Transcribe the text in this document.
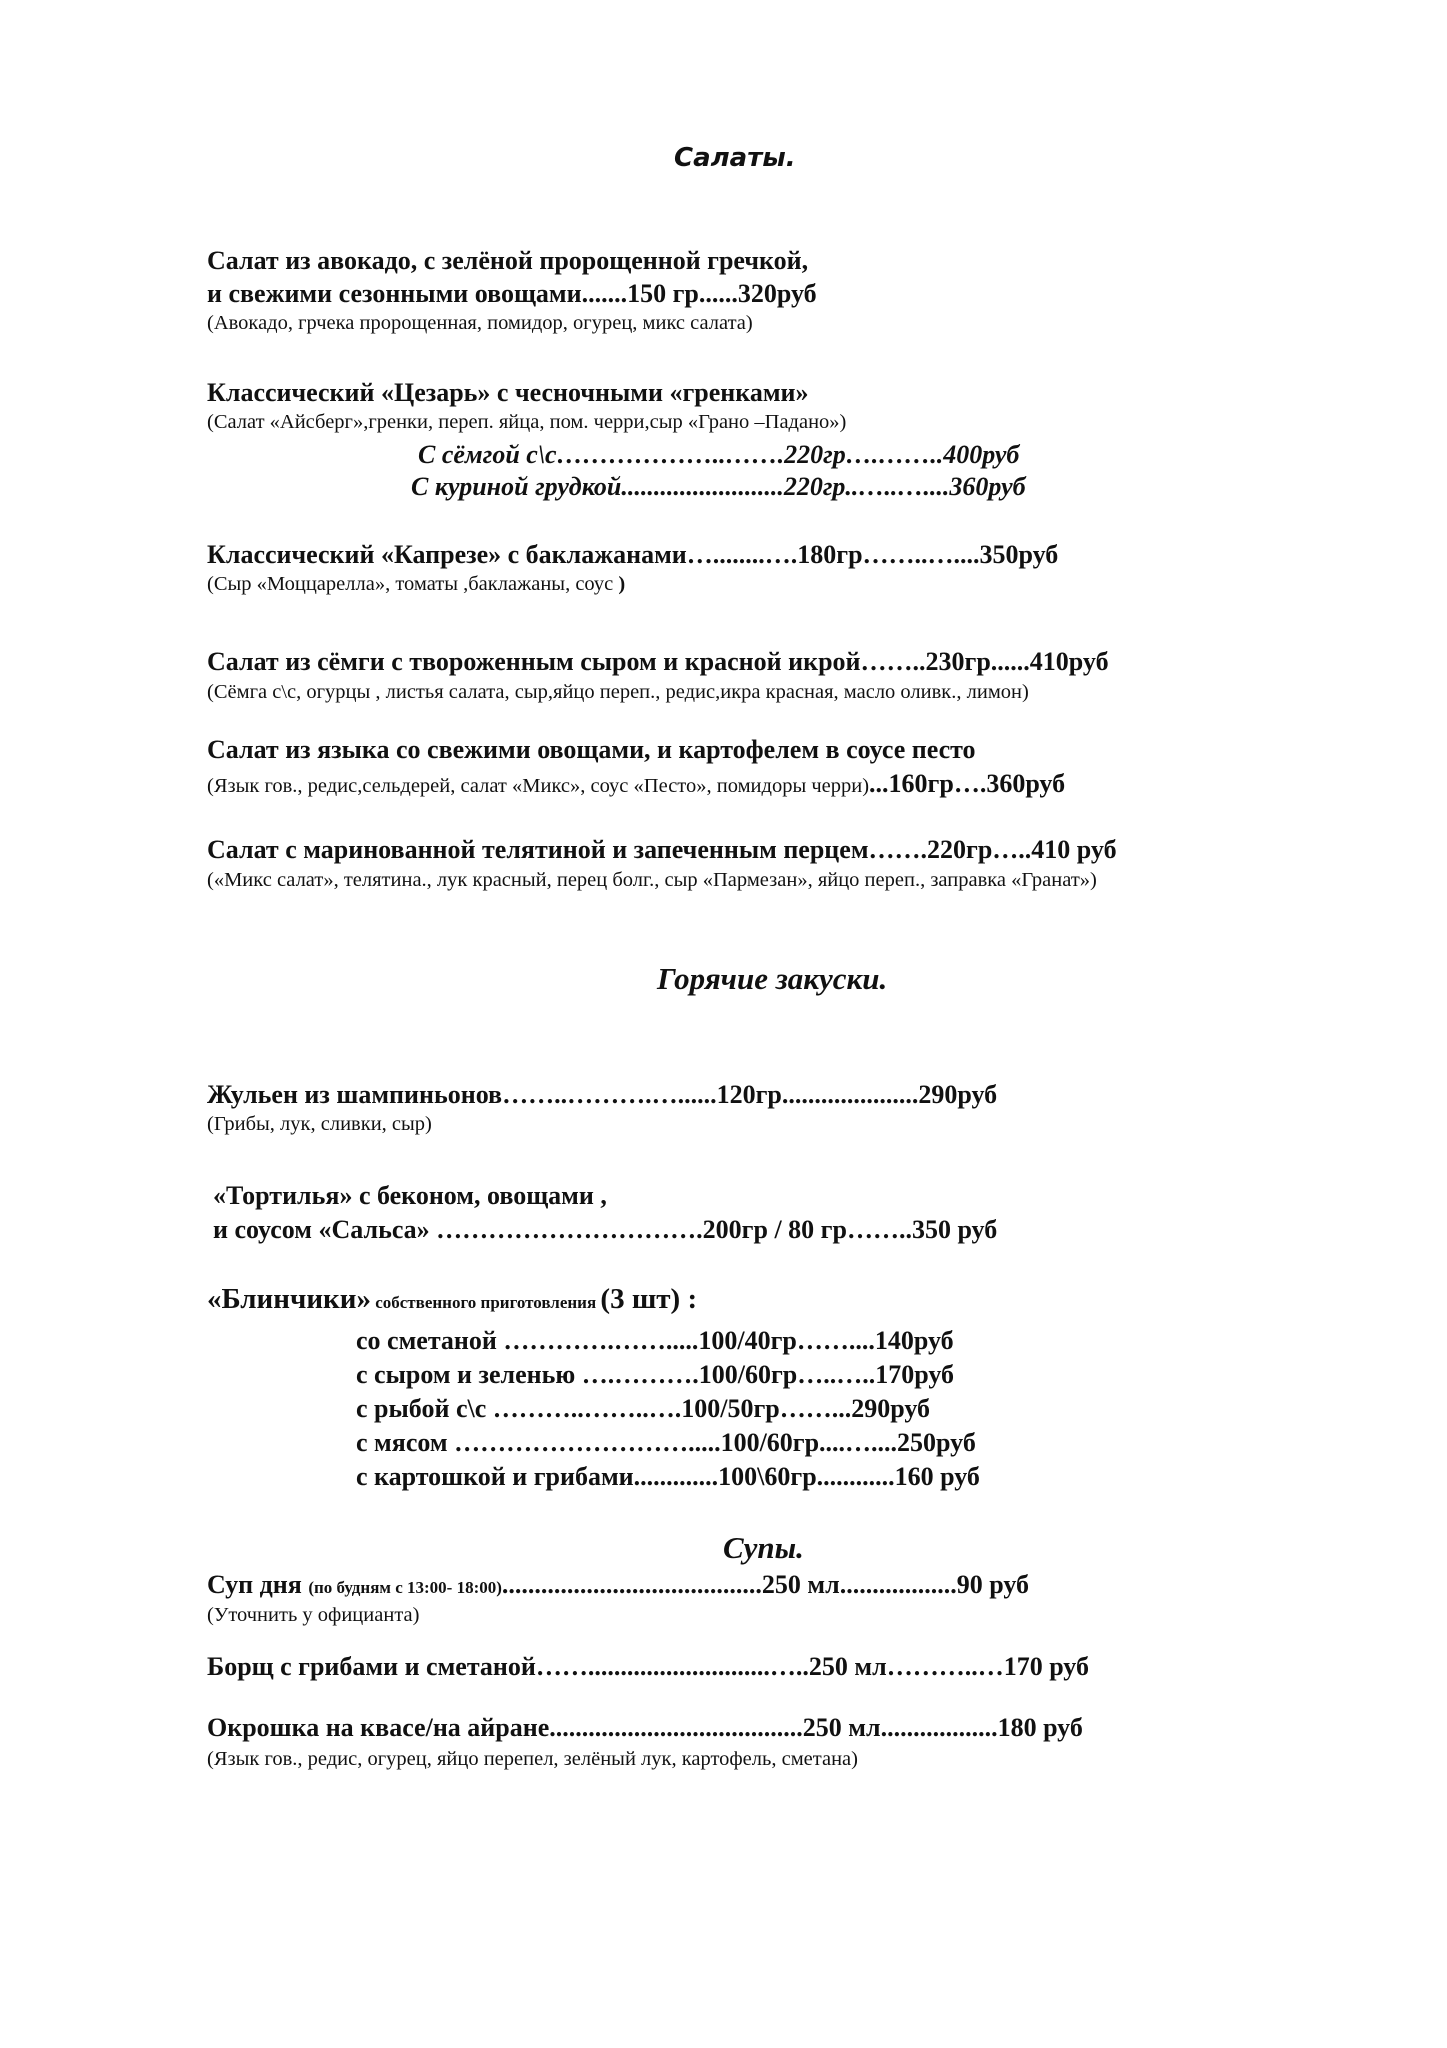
Салаты.
Салат из авокадо, с зелёной пророщенной гречкой,
и свежими сезонными овощами.......150 гр......320руб
(Авокадо, грчека пророщенная, помидор, огурец, микс салата)
Классический «Цезарь» с чесночными «гренками»
(Салат «Айсберг»,гренки, переп. яйца, пом. черри,сыр «Грано –Падано»)
С сёмгой с\с………………..…….220гр….……..400руб
С куриной грудкой.........................220гр..…..…....360руб
Классический «Капрезе» с баклажанами…........….180гр……..…....350руб
(Сыр «Моццарелла», томаты ,баклажаны, соус )
Салат из сёмги с твороженным сыром и красной икрой……..230гр......410руб
(Сёмга с\с, огурцы , листья салата, сыр,яйцо переп., редис,икра красная, масло оливк., лимон)
Салат из языка со свежими овощами, и картофелем в соусе песто
(Язык гов., редис,сельдерей, салат «Микс», соус «Песто», помидоры черри)...160гр….360руб
Салат с маринованной телятиной и запеченным перцем…….220гр…..410 руб
(«Микс салат», телятина., лук красный, перец болг., сыр «Пармезан», яйцо переп., заправка «Гранат»)
Горячие закуски.
Жульен из шампиньонов……..……….…......120гр.....................290руб
(Грибы, лук, сливки, сыр)
«Тортилья» с беконом, овощами ,
и соусом «Сальса» ………………………….200гр / 80 гр……..350 руб
«Блинчики» собственного приготовления (3 шт) :
со сметаной ………….…….....100/40гр……....140руб
с сыром и зеленью ….……….100/60гр…..…..170руб
с рыбой с\с ………..……..….100/50гр……...290руб
с мясом ……………………….....100/60гр....…....250руб
с картошкой и грибами.............100\60гр............160 руб
Супы.
Суп дня (по будням с 13:00- 18:00)........................................250 мл..................90 руб
(Уточнить у официанта)
Борщ с грибами и сметаной……............................…..250 мл………..…170 руб
Окрошка на квасе/на айране.......................................250 мл..................180 руб
(Язык гов., редис, огурец, яйцо перепел, зелёный лук, картофель, сметана)
